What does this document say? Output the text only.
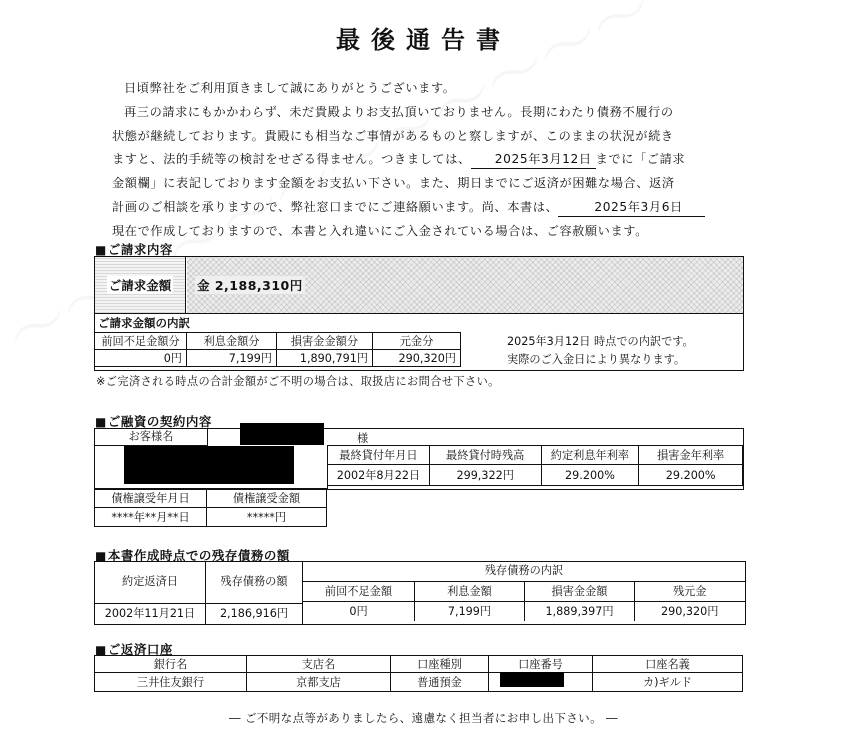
最後通告書

日頃弊社をご利用頂きまして誠にありがとうございます。

再三の請求にもかかわらず、未だ貴殿よりお支払頂いておりません。長期にわたり債務不履行の

状態が継続しております。貴殿にも相当なご事情があるものと察しますが、このままの状況が続き

ますと、法的手続等の検討をせざる得ません。つきましては、 2025年3月12日 までに「ご請求

金額欄」に表記しております金額をお支払い下さい。また、期日までにご返済が困難な場合、返済

計画のご相談を承りますので、弊社窓口までにご連絡願います。尚、本書は、	2025年3月6日

現在で作成しておりますので、本書と入れ違いにご入金されている場合は、ご容赦願います。

■ご請求内容
ご請求金額 金 2,188,310円
ご請求金額の内訳
前回不足金額分	利息金額分	損害金金額分	元金分
0円	7,199円	1,890,791円	290,320円
2025年3月12日 時点での内訳です。
実際のご入金日により異なります。
※ご完済される時点の合計金額がご不明の場合は、取扱店にお問合せ下さい。
■ご融資の契約内容
お客様名	様
最終貸付年月日	最終貸付時残高	約定利息年利率	損害金年利率
2002年8月22日	299,322円	29.200%	29.200%
債権譲受年月日	債権譲受金額
****年**月**日	*****円
■本書作成時点での残存債務の額
約定返済日	残存債務の額
残存債務の内訳
2002年11月21日	2,186,916円
前回不足金額	利息金額	損害金金額	残元金
0円	7,199円	1,889,397円	290,320円
■ご返済口座
銀行名	支店名	口座種別	口座番号	口座名義
三井住友銀行	京都支店	普通預金		カ)ギルド
― ご不明な点等がありましたら、遠慮なく担当者にお申し出下さい。 ―
